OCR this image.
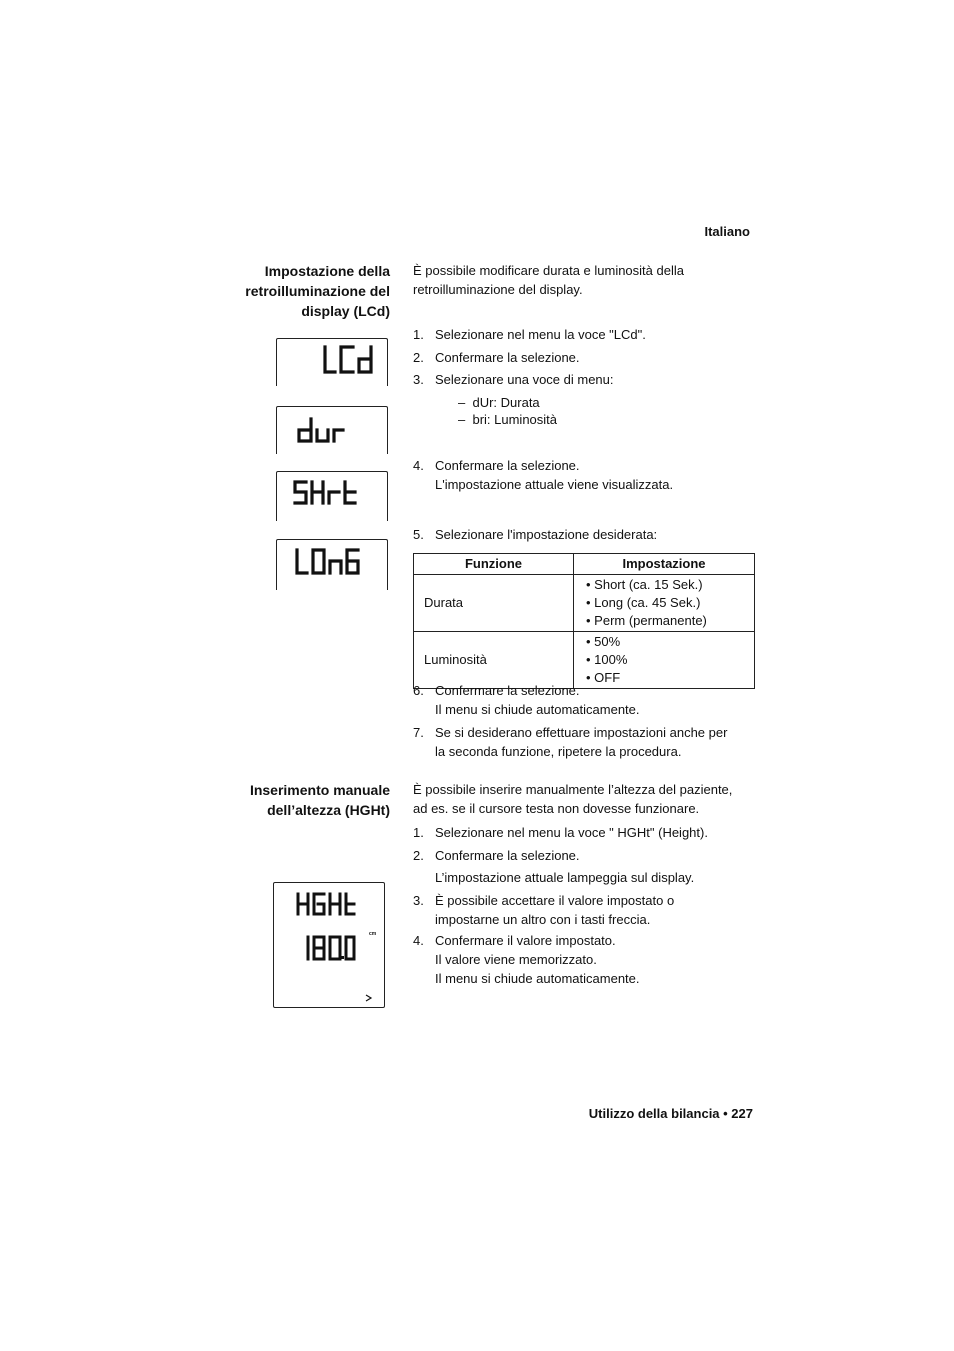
Italiano
Impostazione della
retroilluminazione del
display (LCd)
È possibile modificare durata e luminosità della
retroilluminazione del display.
1. Selezionare nel menu la voce "LCd".
2. Confermare la selezione.
3. Selezionare una voce di menu:
–  dUr: Durata
–  bri: Luminosità
4. Confermare la selezione.
L'impostazione attuale viene visualizzata.
5. Selezionare l'impostazione desiderata:
Funzione	Impostazione
Durata	• Short (ca. 15 Sek.)
• Long (ca. 45 Sek.)
• Perm (permanente)

Luminosità	• 50%
• 100%
• OFF
6. Confermare la selezione.
Il menu si chiude automaticamente.
7. Se si desiderano effettuare impostazioni anche per
la seconda funzione, ripetere la procedura.
Inserimento manuale
dell’altezza (HGHt)
È possibile inserire manualmente l’altezza del paziente,
ad es. se il cursore testa non dovesse funzionare.
1. Selezionare nel menu la voce " HGHt" (Height).
2. Confermare la selezione.
L’impostazione attuale lampeggia sul display.
3. È possibile accettare il valore impostato o
impostarne un altro con i tasti freccia.
4. Confermare il valore impostato.
Il valore viene memorizzato.
Il menu si chiude automaticamente.
cm
Utilizzo della bilancia • 227
